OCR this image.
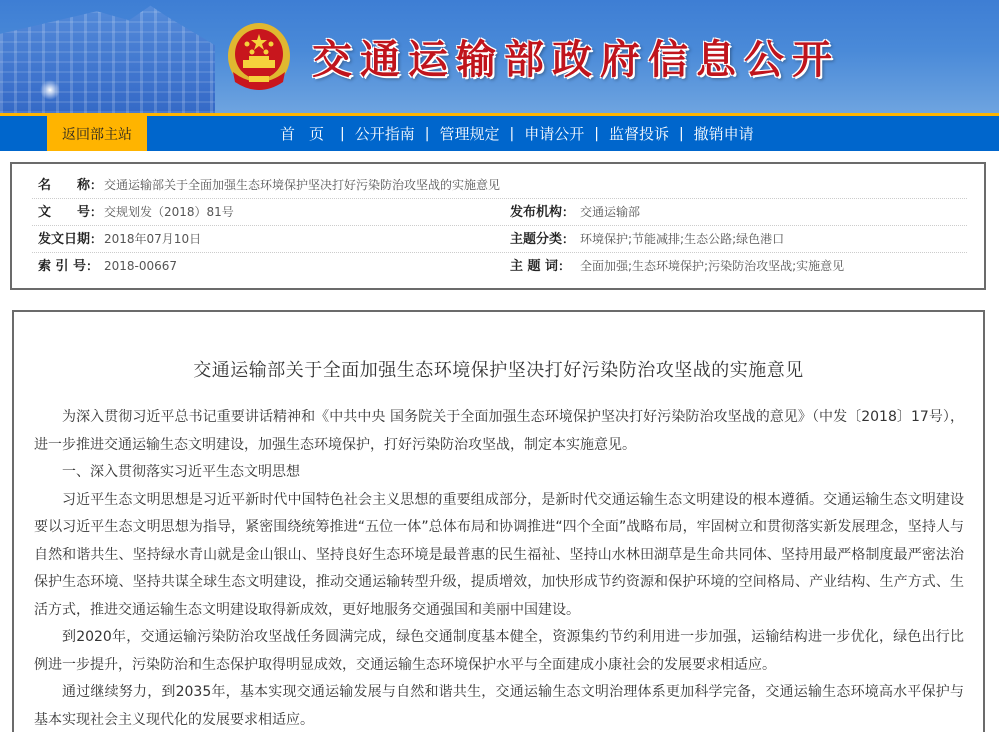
交通运输部政府信息公开
返回部主站	首页 | 公开指南 | 管理规定 | 申请公开 | 监督投诉 | 撤销申请
名　　称： 交通运输部关于全面加强生态环境保护坚决打好污染防治攻坚战的实施意见
文　　号： 交规划发（2018）81号	发布机构： 交通运输部
发文日期： 2018年07月10日	主题分类： 环境保护;节能减排;生态公路;绿色港口
索 引 号： 2018-00667	主 题 词： 全面加强;生态环境保护;污染防治攻坚战;实施意见
交通运输部关于全面加强生态环境保护坚决打好污染防治攻坚战的实施意见

为深入贯彻习近平总书记重要讲话精神和《中共中央 国务院关于全面加强生态环境保护坚决打好污染防治攻坚战的意见》（中发〔2018〕17号），进一步推进交通运输生态文明建设，加强生态环境保护，打好污染防治攻坚战，制定本实施意见。

一、深入贯彻落实习近平生态文明思想

习近平生态文明思想是习近平新时代中国特色社会主义思想的重要组成部分，是新时代交通运输生态文明建设的根本遵循。交通运输生态文明建设要以习近平生态文明思想为指导，紧密围绕统筹推进“五位一体”总体布局和协调推进“四个全面”战略布局，牢固树立和贯彻落实新发展理念，坚持人与自然和谐共生、坚持绿水青山就是金山银山、坚持良好生态环境是最普惠的民生福祉、坚持山水林田湖草是生命共同体、坚持用最严格制度最严密法治保护生态环境、坚持共谋全球生态文明建设，推动交通运输转型升级，提质增效，加快形成节约资源和保护环境的空间格局、产业结构、生产方式、生活方式，推进交通运输生态文明建设取得新成效，更好地服务交通强国和美丽中国建设。

到2020年，交通运输污染防治攻坚战任务圆满完成，绿色交通制度基本健全，资源集约节约利用进一步加强，运输结构进一步优化，绿色出行比例进一步提升，污染防治和生态保护取得明显成效，交通运输生态环境保护水平与全面建成小康社会的发展要求相适应。

通过继续努力，到2035年，基本实现交通运输发展与自然和谐共生，交通运输生态文明治理体系更加科学完备，交通运输生态环境高水平保护与基本实现社会主义现代化的发展要求相适应。
